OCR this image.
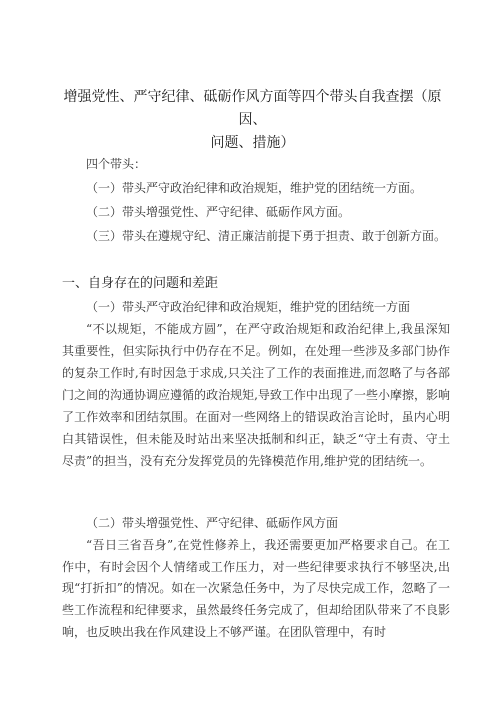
增强党性、严守纪律、砥砺作风方面等四个带头自我查摆（原因、
问题、措施）
四个带头：
（一）带头严守政治纪律和政治规矩，维护党的团结统一方面。
（二）带头增强党性、严守纪律、砥砺作风方面。
（三）带头在遵规守纪、清正廉洁前提下勇于担责、敢于创新方面。
一、自身存在的问题和差距
（一）带头严守政治纪律和政治规矩，维护党的团结统一方面
“不以规矩，不能成方圆”，在严守政治规矩和政治纪律上,我虽深知其重要性，但实际执行中仍存在不足。例如，在处理一些涉及多部门协作的复杂工作时,有时因急于求成,只关注了工作的表面推进,而忽略了与各部门之间的沟通协调应遵循的政治规矩,导致工作中出现了一些小摩擦，影响了工作效率和团结氛围。在面对一些网络上的错误政治言论时，虽内心明白其错误性，但未能及时站出来坚决抵制和纠正，缺乏“守土有责、守土尽责”的担当，没有充分发挥党员的先锋模范作用,维护党的团结统一。
（二）带头增强党性、严守纪律、砥砺作风方面
“吾日三省吾身”,在党性修养上，我还需要更加严格要求自己。在工作中，有时会因个人情绪或工作压力，对一些纪律要求执行不够坚决,出现“打折扣”的情况。如在一次紧急任务中，为了尽快完成工作，忽略了一些工作流程和纪律要求，虽然最终任务完成了，但却给团队带来了不良影响，也反映出我在作风建设上不够严谨。在团队管理中，有时
